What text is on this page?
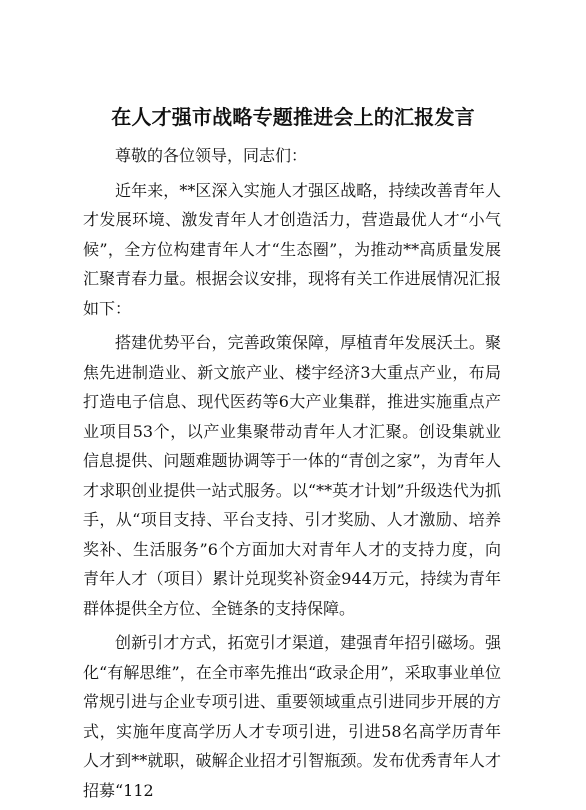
在人才强市战略专题推进会上的汇报发言

尊敬的各位领导，同志们：

近年来，**区深入实施人才强区战略，持续改善青年人才发展环境、激发青年人才创造活力，营造最优人才“小气候”，全方位构建青年人才“生态圈”，为推动**高质量发展汇聚青春力量。根据会议安排，现将有关工作进展情况汇报如下：

搭建优势平台，完善政策保障，厚植青年发展沃土。聚焦先进制造业、新文旅产业、楼宇经济3大重点产业，布局打造电子信息、现代医药等6大产业集群，推进实施重点产业项目53个，以产业集聚带动青年人才汇聚。创设集就业信息提供、问题难题协调等于一体的“青创之家”，为青年人才求职创业提供一站式服务。以“**英才计划”升级迭代为抓手，从“项目支持、平台支持、引才奖励、人才激励、培养奖补、生活服务”6个方面加大对青年人才的支持力度，向青年人才（项目）累计兑现奖补资金944万元，持续为青年群体提供全方位、全链条的支持保障。

创新引才方式，拓宽引才渠道，建强青年招引磁场。强化“有解思维”，在全市率先推出“政录企用”，采取事业单位常规引进与企业专项引进、重要领域重点引进同步开展的方式，实施年度高学历人才专项引进，引进58名高学历青年人才到**就职，破解企业招才引智瓶颈。发布优秀青年人才招募“112
